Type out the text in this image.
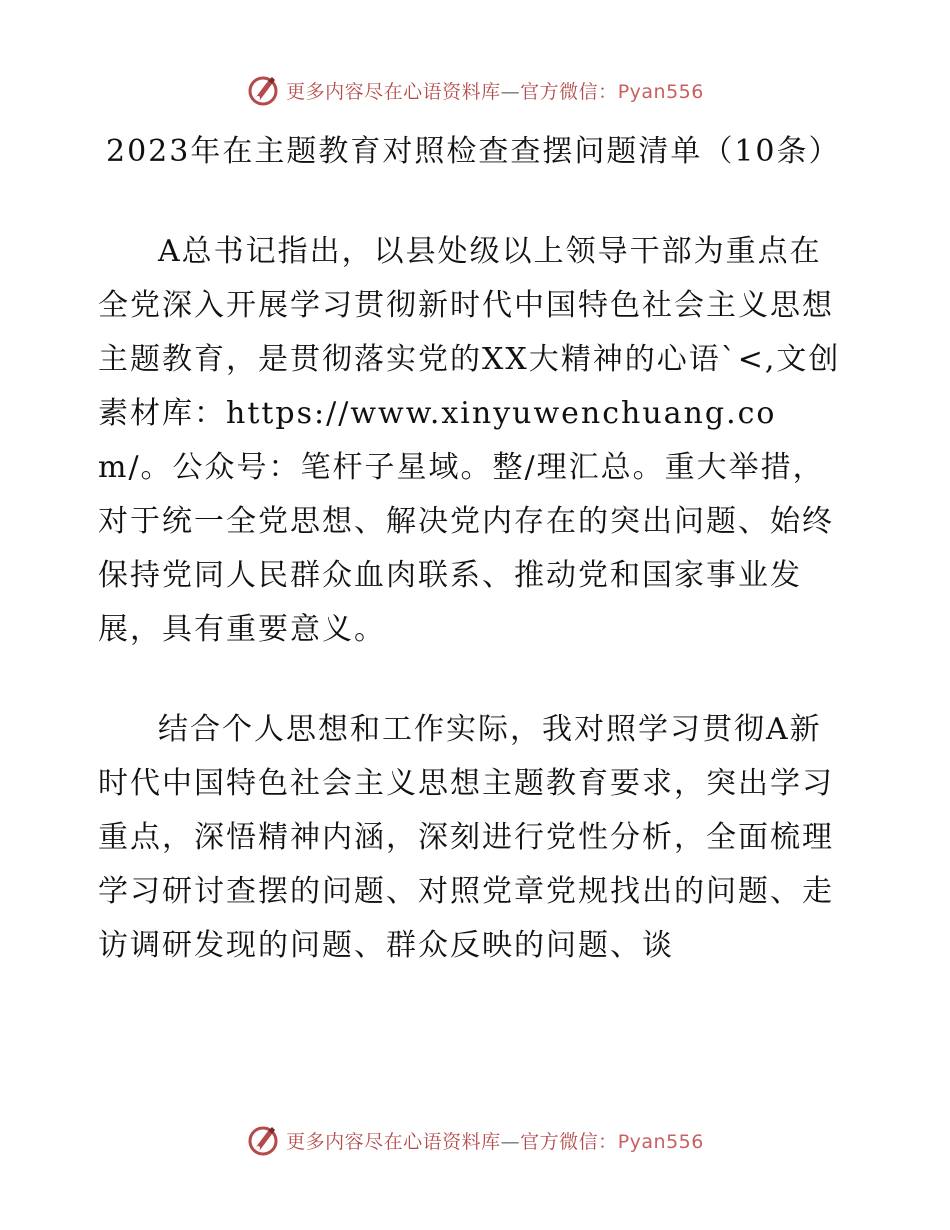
更多内容尽在心语资料库—官方微信：Pyan556
2023年在主题教育对照检查查摆问题清单（10条）

A总书记指出，以县处级以上领导干部为重点在全党深入开展学习贯彻新时代中国特色社会主义思想主题教育，是贯彻落实党的XX大精神的心语`<,文创素材库：https://www.xinyuwenchuang.com/。公众号：笔杆子星域。整/理汇总。重大举措，对于统一全党思想、解决党内存在的突出问题、始终保持党同人民群众血肉联系、推动党和国家事业发展，具有重要意义。

结合个人思想和工作实际，我对照学习贯彻A新时代中国特色社会主义思想主题教育要求，突出学习重点，深悟精神内涵，深刻进行党性分析，全面梳理学习研讨查摆的问题、对照党章党规找出的问题、走访调研发现的问题、群众反映的问题、谈

更多内容尽在心语资料库—官方微信：Pyan556
